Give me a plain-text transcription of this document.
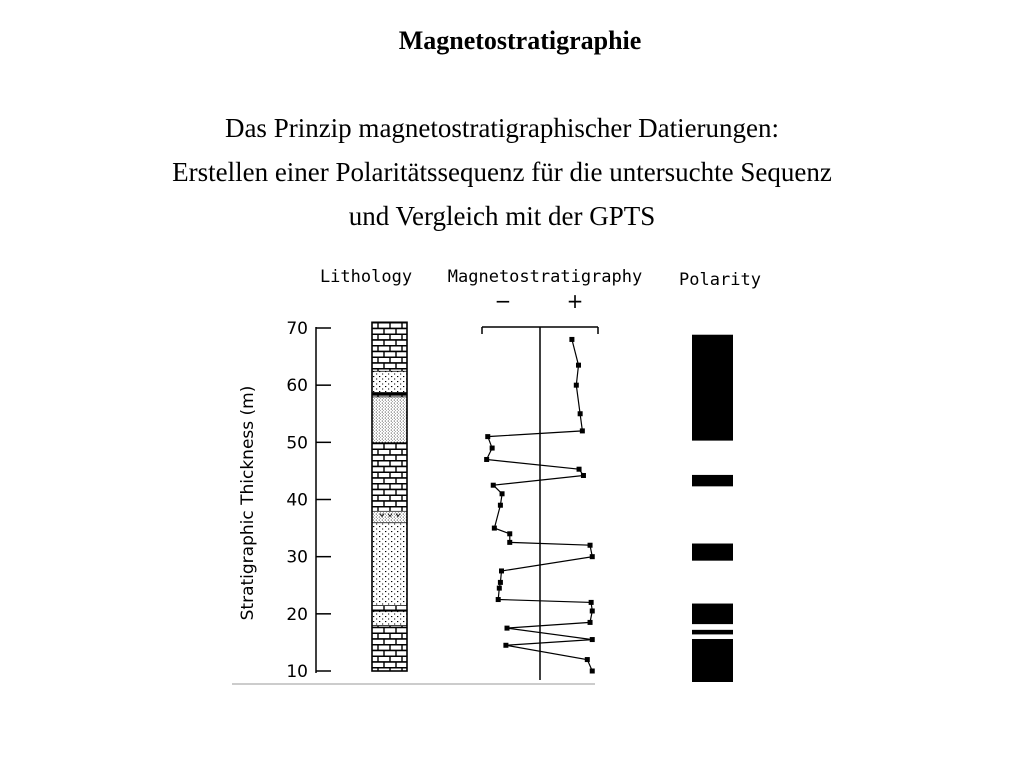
Magnetostratigraphie
Das Prinzip magnetostratigraphischer Datierungen:
Erstellen einer Polaritätssequenz für die untersuchte Sequenz
und Vergleich mit der GPTS
Lithology Magnetostratigraphy Polarity
−	+
Stratigraphic Thickness (m)
70
60
50
40
30
20
10
